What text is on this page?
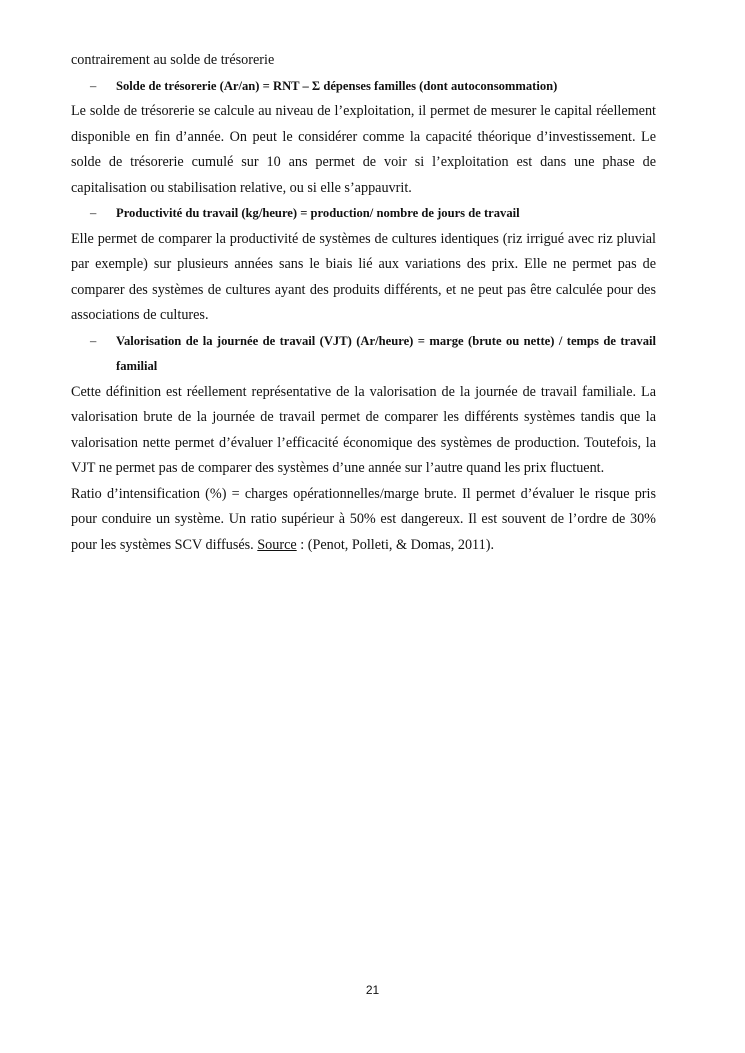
contrairement au solde de trésorerie

–	Solde de trésorerie (Ar/an) = RNT – Σ dépenses familles (dont autoconsommation)

Le solde de trésorerie se calcule au niveau de l’exploitation, il permet de mesurer le capital réellement disponible en fin d’année. On peut le considérer comme la capacité théorique d’investissement. Le solde de trésorerie cumulé sur 10 ans permet de voir si l’exploitation est dans une phase de capitalisation ou stabilisation relative, ou si elle s’appauvrit.

–	Productivité du travail (kg/heure) = production/ nombre de jours de travail

Elle permet de comparer la productivité de systèmes de cultures identiques (riz irrigué avec riz pluvial par exemple) sur plusieurs années sans le biais lié aux variations des prix. Elle ne permet pas de comparer des systèmes de cultures ayant des produits différents, et ne peut pas être calculée pour des associations de cultures.

–	Valorisation de la journée de travail (VJT) (Ar/heure) = marge (brute ou nette) / temps de travail familial

Cette définition est réellement représentative de la valorisation de la journée de travail familiale. La valorisation brute de la journée de travail permet de comparer les différents systèmes tandis que la valorisation nette permet d’évaluer l’efficacité économique des systèmes de production. Toutefois, la VJT ne permet pas de comparer des systèmes d’une année sur l’autre quand les prix fluctuent.

Ratio d’intensification (%) = charges opérationnelles/marge brute. Il permet d’évaluer le risque pris pour conduire un système. Un ratio supérieur à 50% est dangereux. Il est souvent de l’ordre de 30% pour les systèmes SCV diffusés. Source : (Penot, Polleti, & Domas, 2011).

21
